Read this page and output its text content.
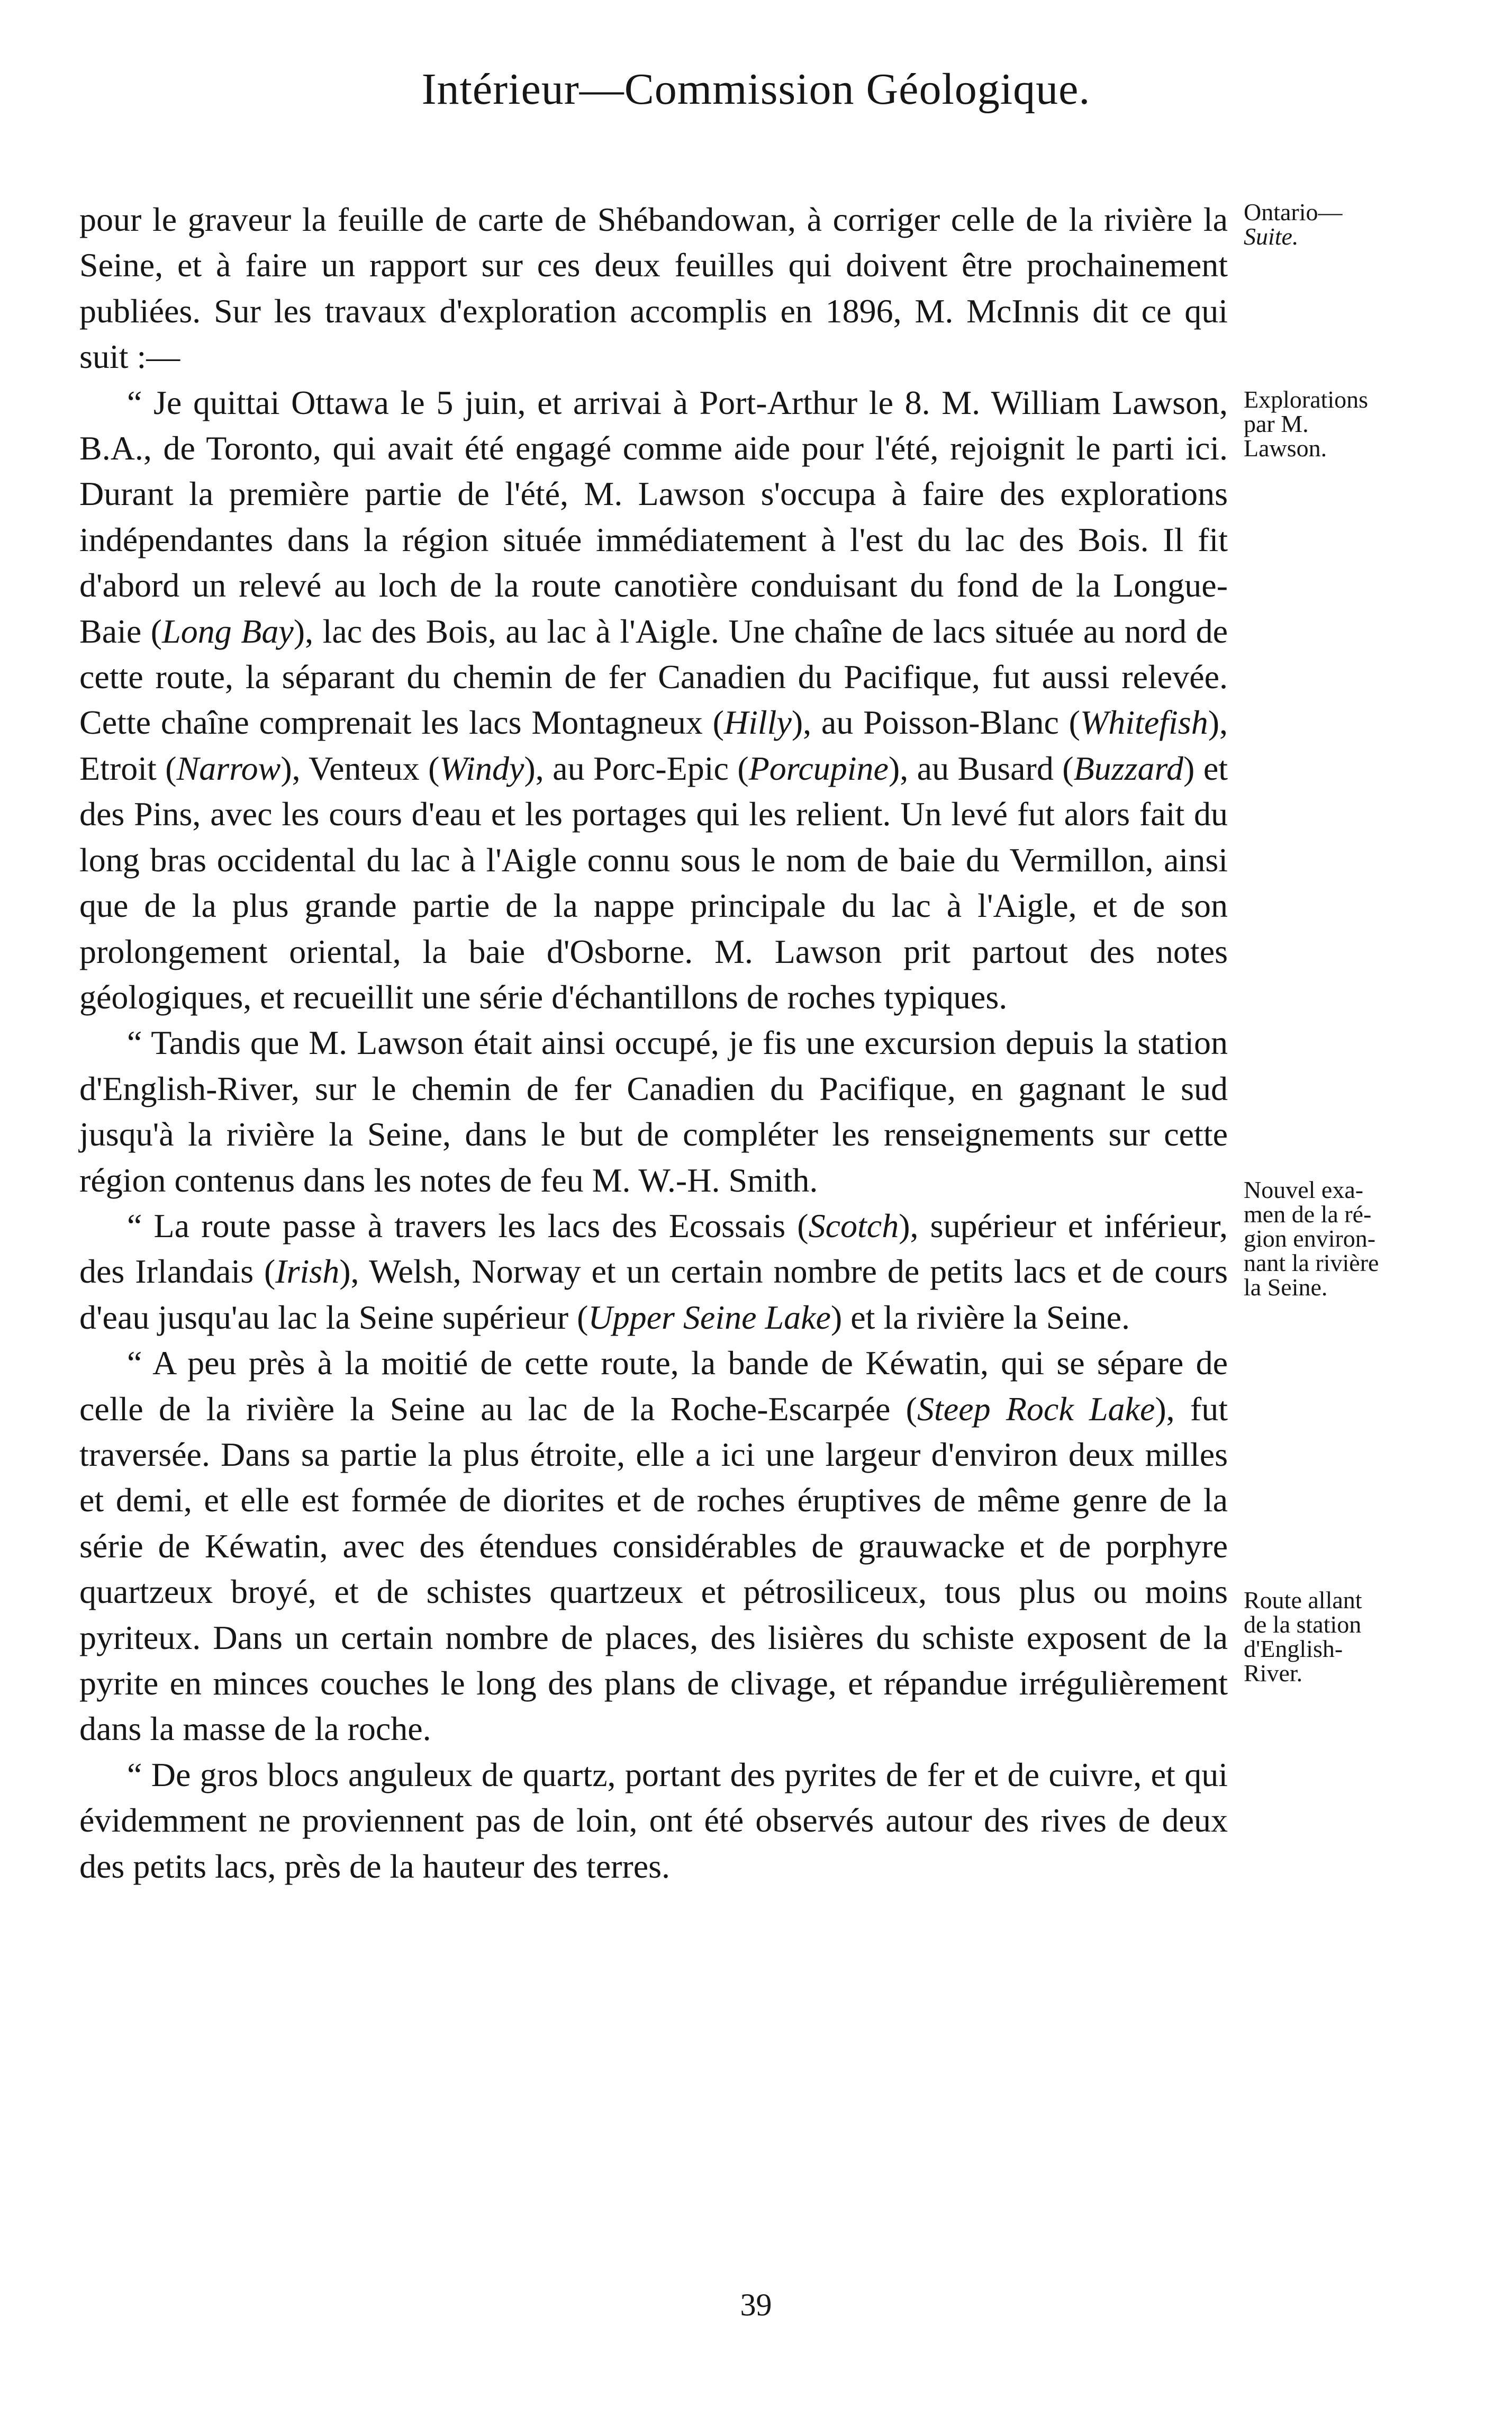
Intérieur—Commission Géologique.

pour le graveur la feuille de carte de Shébandowan, à corriger celle de la rivière la Seine, et à faire un rapport sur ces deux feuilles qui doivent être prochainement publiées. Sur les travaux d'exploration accomplis en 1896, M. McInnis dit ce qui suit :—

“ Je quittai Ottawa le 5 juin, et arrivai à Port-Arthur le 8. M. William Lawson, B.A., de Toronto, qui avait été engagé comme aide pour l'été, rejoignit le parti ici. Durant la première partie de l'été, M. Lawson s'occupa à faire des explorations indépendantes dans la région située immédiatement à l'est du lac des Bois. Il fit d'abord un relevé au loch de la route canotière conduisant du fond de la Longue-Baie (Long Bay), lac des Bois, au lac à l'Aigle. Une chaîne de lacs située au nord de cette route, la séparant du chemin de fer Canadien du Pacifique, fut aussi relevée. Cette chaîne comprenait les lacs Montagneux (Hilly), au Poisson-Blanc (Whitefish), Etroit (Narrow), Venteux (Windy), au Porc-Epic (Porcupine), au Busard (Buzzard) et des Pins, avec les cours d'eau et les portages qui les relient. Un levé fut alors fait du long bras occidental du lac à l'Aigle connu sous le nom de baie du Vermillon, ainsi que de la plus grande partie de la nappe principale du lac à l'Aigle, et de son prolongement oriental, la baie d'Osborne. M. Lawson prit partout des notes géologiques, et recueillit une série d'échantillons de roches typiques.

“ Tandis que M. Lawson était ainsi occupé, je fis une excursion depuis la station d'English-River, sur le chemin de fer Canadien du Pacifique, en gagnant le sud jusqu'à la rivière la Seine, dans le but de compléter les renseignements sur cette région contenus dans les notes de feu M. W.-H. Smith.

“ La route passe à travers les lacs des Ecossais (Scotch), supérieur et inférieur, des Irlandais (Irish), Welsh, Norway et un certain nombre de petits lacs et de cours d'eau jusqu'au lac la Seine supérieur (Upper Seine Lake) et la rivière la Seine.

“ A peu près à la moitié de cette route, la bande de Kéwatin, qui se sépare de celle de la rivière la Seine au lac de la Roche-Escarpée (Steep Rock Lake), fut traversée. Dans sa partie la plus étroite, elle a ici une largeur d'environ deux milles et demi, et elle est formée de diorites et de roches éruptives de même genre de la série de Kéwatin, avec des étendues considérables de grauwacke et de porphyre quartzeux broyé, et de schistes quartzeux et pétrosiliceux, tous plus ou moins pyriteux. Dans un certain nombre de places, des lisières du schiste exposent de la pyrite en minces couches le long des plans de clivage, et répandue irrégulièrement dans la masse de la roche.

“ De gros blocs anguleux de quartz, portant des pyrites de fer et de cuivre, et qui évidemment ne proviennent pas de loin, ont été observés autour des rives de deux des petits lacs, près de la hauteur des terres.

Ontario—
Suite.
Explorations
par M.
Lawson.
Nouvel exa-
men de la ré-
gion environ-
nant la rivière
la Seine.
Route allant
de la station
d'English-
River.
39
